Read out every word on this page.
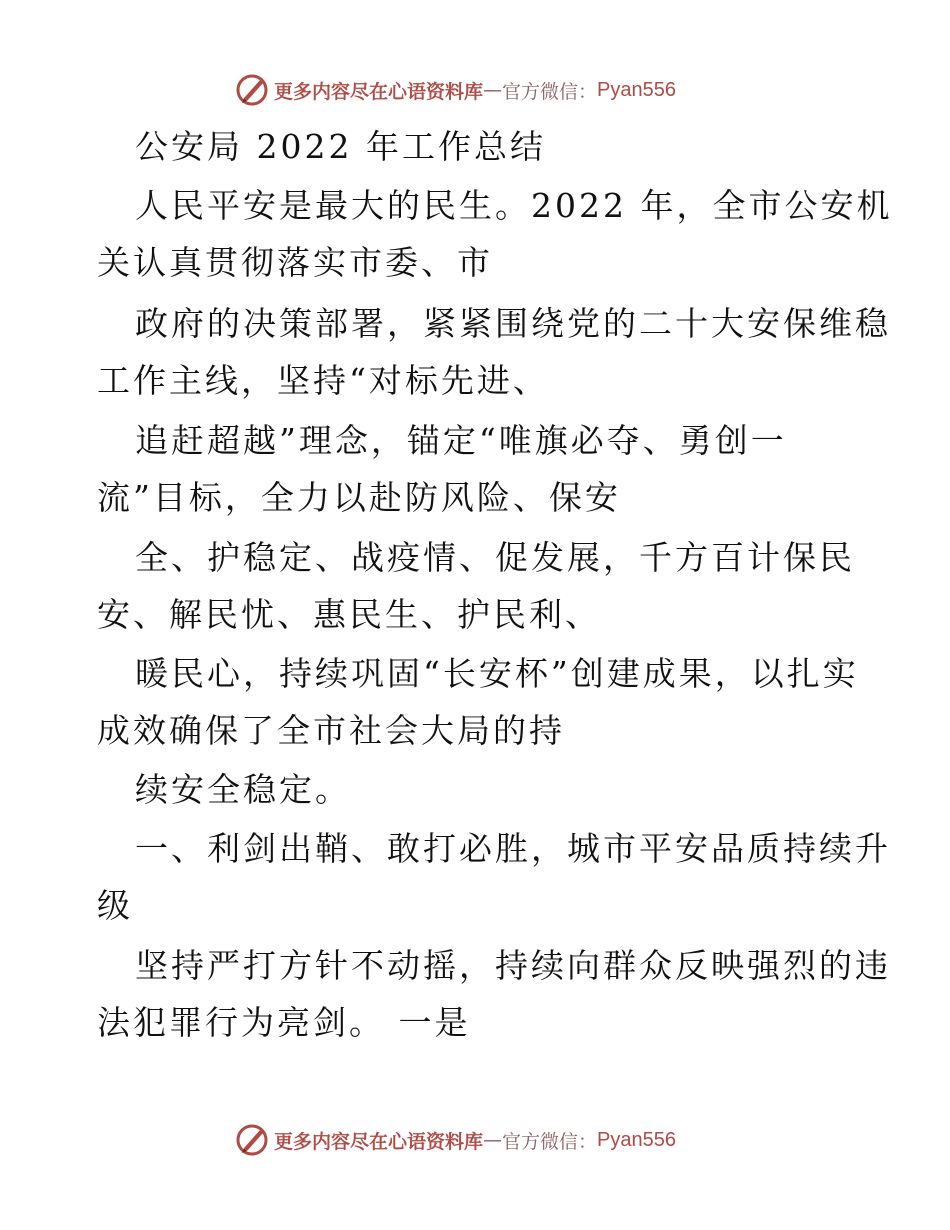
更多内容尽在心语资料库 — 官方微信： Pyan556
公安局 2022 年工作总结
人民平安是最大的民生。2022 年，全市公安机
关认真贯彻落实市委、市
政府的决策部署，紧紧围绕党的二十大安保维稳
工作主线，坚持“对标先进、
追赶超越”理念，锚定“唯旗必夺、勇创一
流”目标，全力以赴防风险、保安
全、护稳定、战疫情、促发展，千方百计保民
安、解民忧、惠民生、护民利、
暖民心，持续巩固“长安杯”创建成果，以扎实
成效确保了全市社会大局的持
续安全稳定。
一、利剑出鞘、敢打必胜，城市平安品质持续升
级
坚持严打方针不动摇，持续向群众反映强烈的违
法犯罪行为亮剑。 一是
更多内容尽在心语资料库 — 官方微信： Pyan556
